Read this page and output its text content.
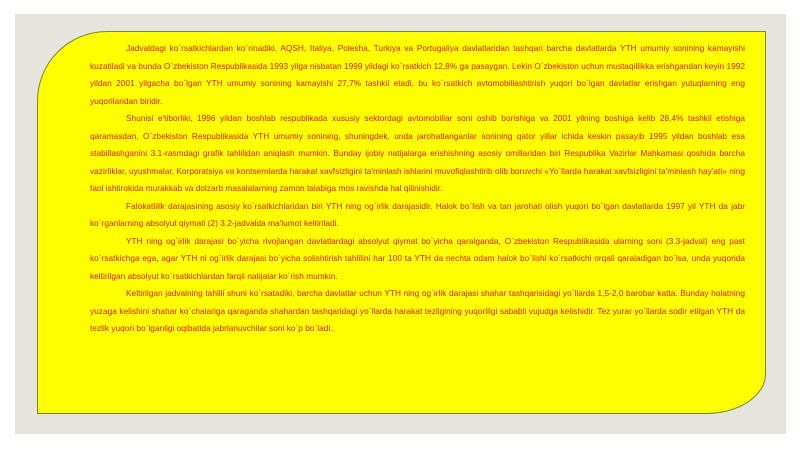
Jadvaldagi ko`rsatkichlardan ko`rinadiki, AQSH, Italiya, Polesha, Turkiya va Portugaliya davlatlaridan tashqari barcha davlatlarda YTH umumiy sonining kamayishi kuzatiladi va bunda O`zbekiston Respublikasida 1993 yilga nisbatan 1999 yildagi ko`rsatkich 12,8% ga pasaygan. Lekin O`zbekiston uchun mustaqillikka erishgandan keyin 1992 yildan 2001 yilgacha bo`lgan YTH umumiy sonining kamayishi 27,7% tashkil etadi, bu ko`rsatkich avtomobillashtirish yuqori bo`lgan davlatlar erishgan yutuqlarning eng yuqorilaridan biridir.

Shunisi e'tiborliki, 1996 yildan boshlab respublikada xususiy sektordagi avtomobillar soni oshib borishiga va 2001 yilning boshiga kelib 28,4% tashkil etishiga qaramasdan, O`zbekiston Respublikasida YTH umumiy sonining, shuningdek, unda jarohatlanganlar sonining qator yillar ichida keskin pasayib 1995 yildan boshlab esa stabillashganini 3.1-rasmdagi grafik tahlilidan aniqlash mumkin. Bunday ijobiy natijalarga erishishning asosiy omillaridan biri Respublika Vazirlar Mahkamasi qoshida barcha vazirliklar, uyushmalar, Korporatsiya va kontsernlarda harakat xavfsizligini ta'minlash ishlarini muvofiqlashtirib olib boruvchi «Yo`llarda harakat xavfsizligini ta'minlash hay'ati» ning faol ishtirokida murakkab va dolzarb masalalarning zamon talabiga mos ravishda hal qilinishidir.

Falokatlilik darajasining asosiy ko`rsatkichlaridan biri YTH ning og`irlik darajasidir. Halok bo`lish va tan jarohati olish yuqori bo`lgan davlatlarda 1997 yil YTH da jabr ko`rganlarning absolyut qiymati (2) 3.2-jadvalda ma'lumot keltiriladi.

YTH ning og`irlik darajasi bo`yicha rivojlangan davlatlardagi absolyut qiymat bo`yicha qaralganda, O`zbekiston Respublikasida ularning soni (3.3-jadval) eng past ko`rsatkichga ega, agar YTH ni og`irlik darajasi bo`yicha solishtirish tahlilini har 100 ta YTH da nechta odam halok bo`lishi ko`rsatkichi orqali qaraladigan bo`lsa, unda yuqorida keltirilgan absolyut ko`rsatkichlardan farqli natijalar ko`rish mumkin.

Keltirilgan jadvalning tahlili shuni ko`rsatadiki, barcha davlatlar uchun YTH ning og`irlik darajasi shahar tashqarisidagi yo`llarda 1,5-2,0 barobar katta. Bunday holatning yuzaga kelishini shahar ko`chalariga qaraganda shahardan tashqaridagi yo`llarda harakat tezligining yuqoriligi sababli vujudga kelishidir. Tez yurar yo`llarda sodir etilgan YTH da tezlik yuqori bo`lganligi oqibatida jabrlanuvchilar soni ko`p bo`ladi.
